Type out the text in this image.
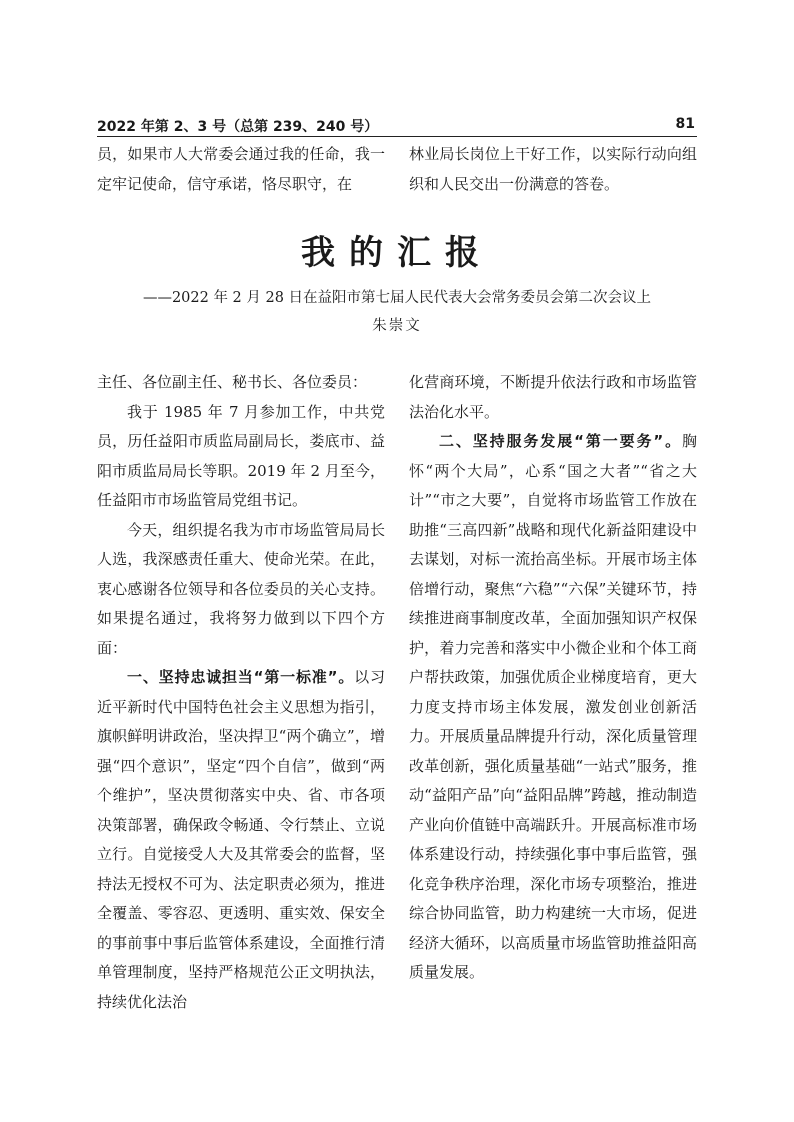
2022 年第 2、3 号（总第 239、240 号）	81

员，如果市人大常委会通过我的任命，我一定牢记使命，信守承诺，恪尽职守，在

林业局长岗位上干好工作，以实际行动向组织和人民交出一份满意的答卷。

我的汇报
——2022 年 2 月 28 日在益阳市第七届人民代表大会常务委员会第二次会议上
朱崇文

主任、各位副主任、秘书长、各位委员：

我于 1985 年 7 月参加工作，中共党员，历任益阳市质监局副局长，娄底市、益阳市质监局局长等职。2019 年 2 月至今，任益阳市市场监管局党组书记。

今天，组织提名我为市市场监管局局长人选，我深感责任重大、使命光荣。在此，衷心感谢各位领导和各位委员的关心支持。如果提名通过，我将努力做到以下四个方面：

一、坚持忠诚担当“第一标准”。以习近平新时代中国特色社会主义思想为指引，旗帜鲜明讲政治，坚决捍卫“两个确立”，增强“四个意识”，坚定“四个自信”，做到“两个维护”，坚决贯彻落实中央、省、市各项决策部署，确保政令畅通、令行禁止、立说立行。自觉接受人大及其常委会的监督，坚持法无授权不可为、法定职责必须为，推进全覆盖、零容忍、更透明、重实效、保安全的事前事中事后监管体系建设，全面推行清单管理制度，坚持严格规范公正文明执法，持续优化法治

化营商环境，不断提升依法行政和市场监管法治化水平。

二、坚持服务发展“第一要务”。胸怀“两个大局”，心系“国之大者”“省之大计”“市之大要”，自觉将市场监管工作放在助推“三高四新”战略和现代化新益阳建设中去谋划，对标一流抬高坐标。开展市场主体倍增行动，聚焦“六稳”“六保”关键环节，持续推进商事制度改革，全面加强知识产权保护，着力完善和落实中小微企业和个体工商户帮扶政策，加强优质企业梯度培育，更大力度支持市场主体发展，激发创业创新活力。开展质量品牌提升行动，深化质量管理改革创新，强化质量基础“一站式”服务，推动“益阳产品”向“益阳品牌”跨越，推动制造产业向价值链中高端跃升。开展高标准市场体系建设行动，持续强化事中事后监管，强化竞争秩序治理，深化市场专项整治，推进综合协同监管，助力构建统一大市场，促进经济大循环，以高质量市场监管助推益阳高质量发展。
